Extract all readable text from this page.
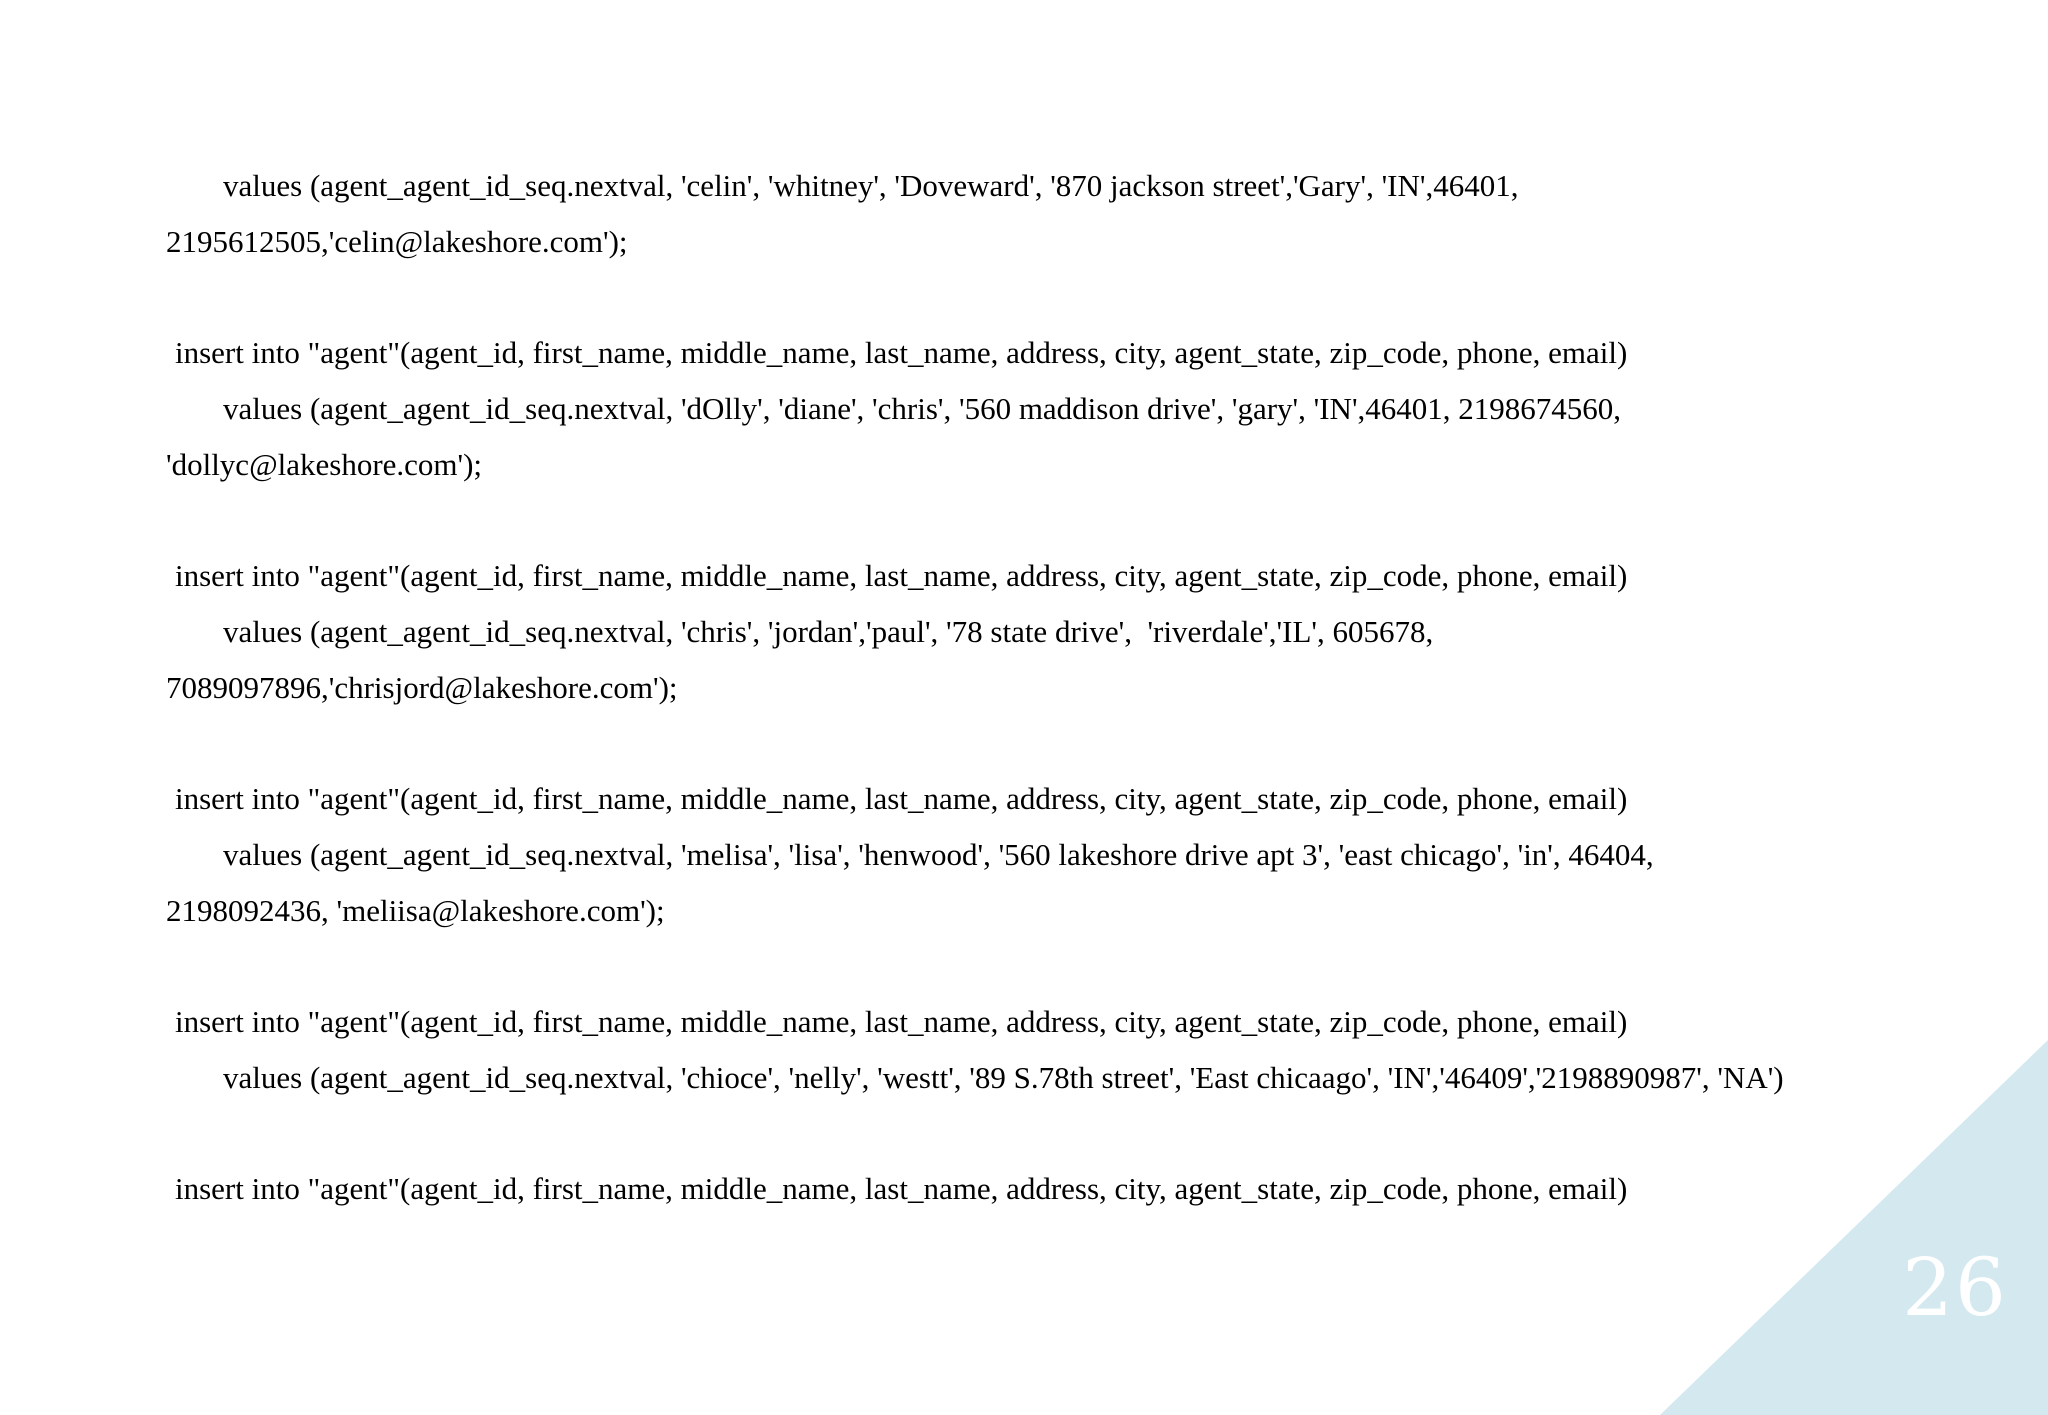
values (agent_agent_id_seq.nextval, 'celin', 'whitney', 'Doveward', '870 jackson street','Gary', 'IN',46401,
2195612505,'celin@lakeshore.com');
insert into "agent"(agent_id, first_name, middle_name, last_name, address, city, agent_state, zip_code, phone, email)
values (agent_agent_id_seq.nextval, 'dOlly', 'diane', 'chris', '560 maddison drive', 'gary', 'IN',46401, 2198674560,
'dollyc@lakeshore.com');
insert into "agent"(agent_id, first_name, middle_name, last_name, address, city, agent_state, zip_code, phone, email)
values (agent_agent_id_seq.nextval, 'chris', 'jordan','paul', '78 state drive',  'riverdale','IL', 605678,
7089097896,'chrisjord@lakeshore.com');
insert into "agent"(agent_id, first_name, middle_name, last_name, address, city, agent_state, zip_code, phone, email)
values (agent_agent_id_seq.nextval, 'melisa', 'lisa', 'henwood', '560 lakeshore drive apt 3', 'east chicago', 'in', 46404,
2198092436, 'meliisa@lakeshore.com');
insert into "agent"(agent_id, first_name, middle_name, last_name, address, city, agent_state, zip_code, phone, email)
values (agent_agent_id_seq.nextval, 'chioce', 'nelly', 'westt', '89 S.78th street', 'East chicaago', 'IN','46409','2198890987', 'NA')
insert into "agent"(agent_id, first_name, middle_name, last_name, address, city, agent_state, zip_code, phone, email)
26
